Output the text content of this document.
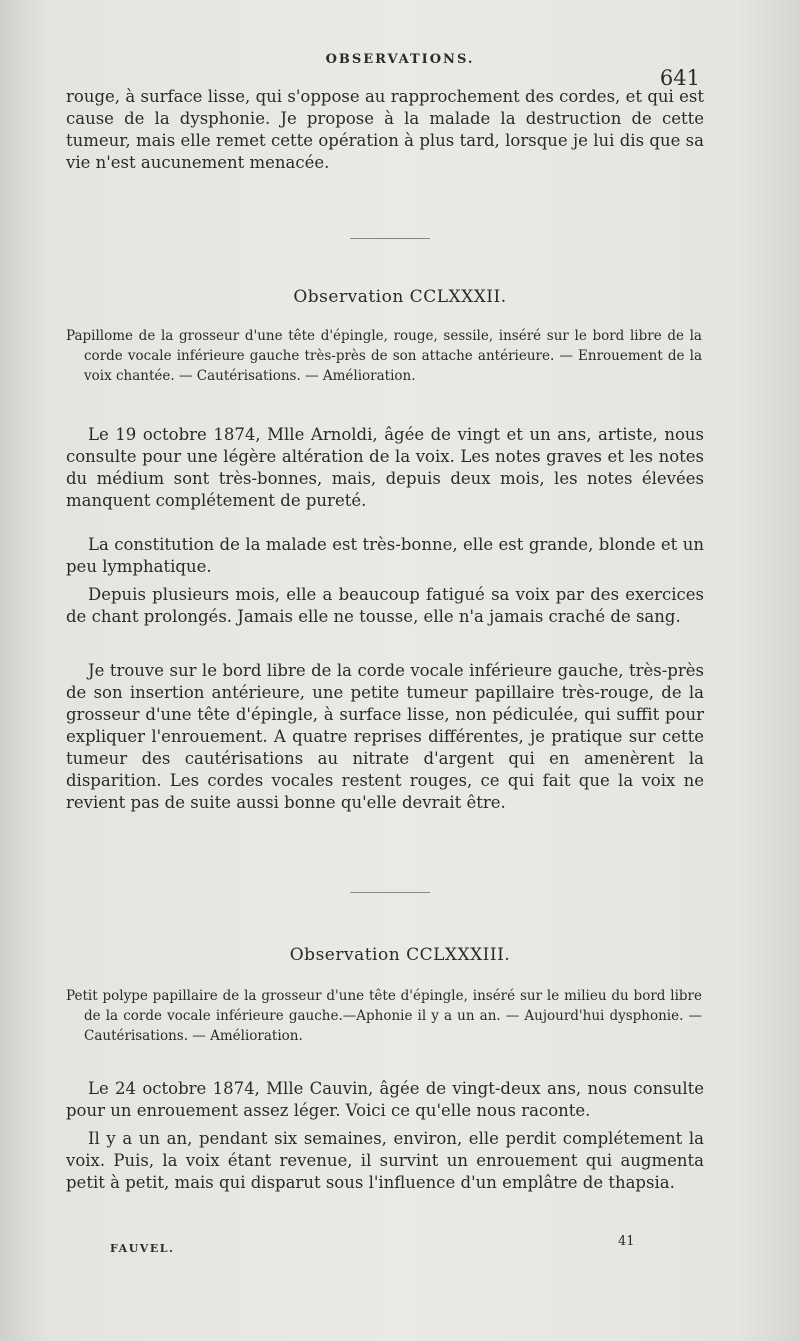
OBSERVATIONS.
641

rouge, à surface lisse, qui s'oppose au rapprochement des cordes, et qui est cause de la dysphonie. Je propose à la malade la destruction de cette tumeur, mais elle remet cette opération à plus tard, lorsque je lui dis que sa vie n'est aucunement menacée.

Observation CCLXXXII.

Papillome de la grosseur d'une tête d'épingle, rouge, sessile, inséré sur le bord libre de la corde vocale inférieure gauche très-près de son attache antérieure. — Enrouement de la voix chantée. — Cautérisations. — Amélioration.

Le 19 octobre 1874, Mlle Arnoldi, âgée de vingt et un ans, artiste, nous consulte pour une légère altération de la voix. Les notes graves et les notes du médium sont très-bonnes, mais, depuis deux mois, les notes élevées manquent complétement de pureté.

La constitution de la malade est très-bonne, elle est grande, blonde et un peu lymphatique.

Depuis plusieurs mois, elle a beaucoup fatigué sa voix par des exercices de chant prolongés. Jamais elle ne tousse, elle n'a jamais craché de sang.

Je trouve sur le bord libre de la corde vocale inférieure gauche, très-près de son insertion antérieure, une petite tumeur papillaire très-rouge, de la grosseur d'une tête d'épingle, à surface lisse, non pédiculée, qui suffit pour expliquer l'enrouement. A quatre reprises différentes, je pratique sur cette tumeur des cautérisations au nitrate d'argent qui en amenèrent la disparition. Les cordes vocales restent rouges, ce qui fait que la voix ne revient pas de suite aussi bonne qu'elle devrait être.

Observation CCLXXXIII.

Petit polype papillaire de la grosseur d'une tête d'épingle, inséré sur le milieu du bord libre de la corde vocale inférieure gauche.—Aphonie il y a un an. — Aujourd'hui dysphonie. — Cautérisations. — Amélioration.

Le 24 octobre 1874, Mlle Cauvin, âgée de vingt-deux ans, nous consulte pour un enrouement assez léger. Voici ce qu'elle nous raconte.

Il y a un an, pendant six semaines, environ, elle perdit complétement la voix. Puis, la voix étant revenue, il survint un enrouement qui augmenta petit à petit, mais qui disparut sous l'influence d'un emplâtre de thapsia.

FAUVEL.	41
